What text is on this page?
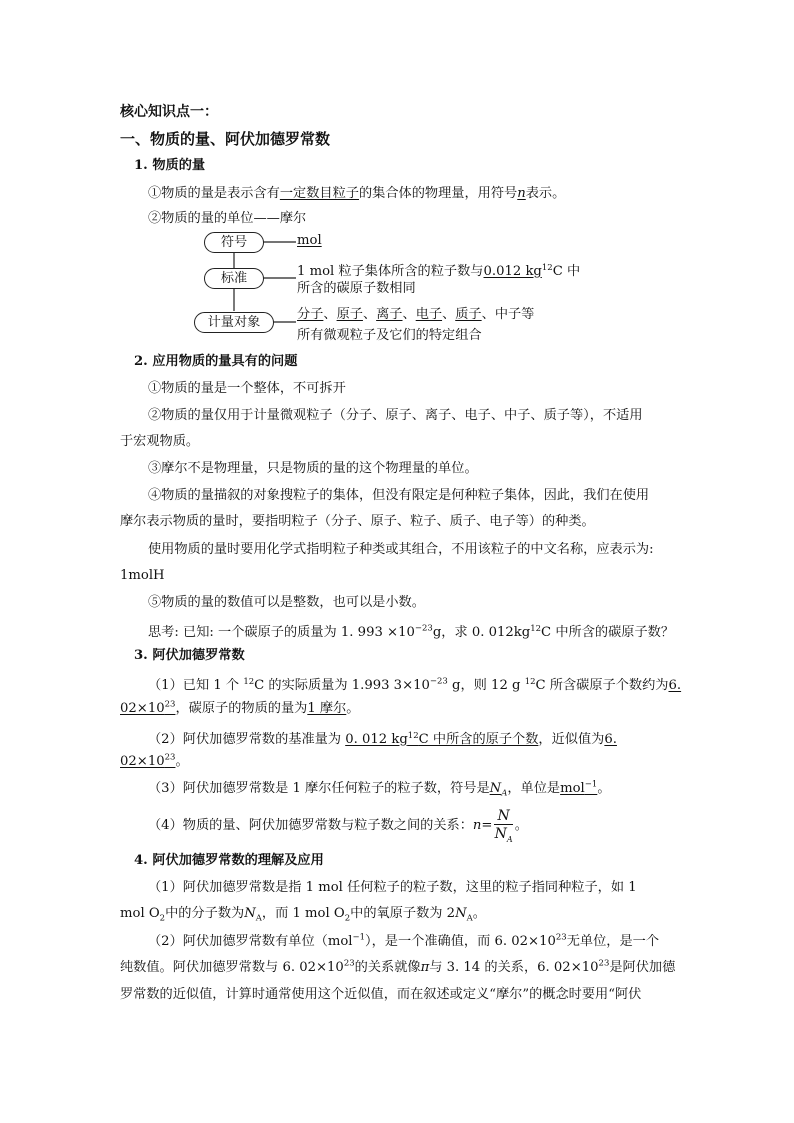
核心知识点一：
一、物质的量、阿伏加德罗常数
1. 物质的量
①物质的量是表示含有一定数目粒子的集合体的物理量，用符号n表示。
②物质的量的单位——摩尔
符号
标准
计量对象
mol
1 mol 粒子集体所含的粒子数与0.012 $kg^{12}C$ 中
所含的碳原子数相同
分子、原子、离子、电子、质子、中子等
所有微观粒子及它们的特定组合
2. 应用物质的量具有的问题
①物质的量是一个整体，不可拆开
②物质的量仅用于计量微观粒子（分子、原子、离子、电子、中子、质子等），不适用
于宏观物质。
③摩尔不是物理量，只是物质的量的这个物理量的单位。
④物质的量描叙的对象搜粒子的集体，但没有限定是何种粒子集体，因此，我们在使用
摩尔表示物质的量时，要指明粒子（分子、原子、粒子、质子、电子等）的种类。
使用物质的量时要用化学式指明粒子种类或其组合，不用该粒子的中文名称，应表示为:
1molH
⑤物质的量的数值可以是整数，也可以是小数。
思考: 已知: 一个碳原子的质量为 1. $993 \times 10^{-23}g$，求 0. $012kg^{12}C$ 中所含的碳原子数？
3. 阿伏加德罗常数
（1）已知 1 个 $^{12}$C 的实际质量为 1.993 $3\times 10^{-23}$ g，则 12 g $^{12}$C 所含碳原子个数约为6.
$02\times 10^{23}$，碳原子的物质的量为1 摩尔。
（2）阿伏加德罗常数的基准量为 0. 012 $kg^{12}C$ 中所含的原子个数，近似值为6.
$02\times 10^{23}$。
（3）阿伏加德罗常数是 1 摩尔任何粒子的粒子数，符号是$N_A$，单位是mol$^{-1}$。
（4）物质的量、阿伏加德罗常数与粒子数之间的关系：$n= \frac{N}{N_A}$ 。
4. 阿伏加德罗常数的理解及应用
（1）阿伏加德罗常数是指 1 mol 任何粒子的粒子数，这里的粒子指同种粒子，如 1
mol $O_2$中的分子数为$N_A$，而 1 mol $O_2$中的氧原子数为 $2N_A$。
（2）阿伏加德罗常数有单位（mol$^{-1}$），是一个准确值，而 6. $02\times 10^{23}$无单位，是一个
纯数值。阿伏加德罗常数与 6. $02\times 10^{23}$的关系就像π与 3. 14 的关系，6. $02\times 10^{23}$是阿伏加德
罗常数的近似值，计算时通常使用这个近似值，而在叙述或定义“摩尔”的概念时要用“阿伏
